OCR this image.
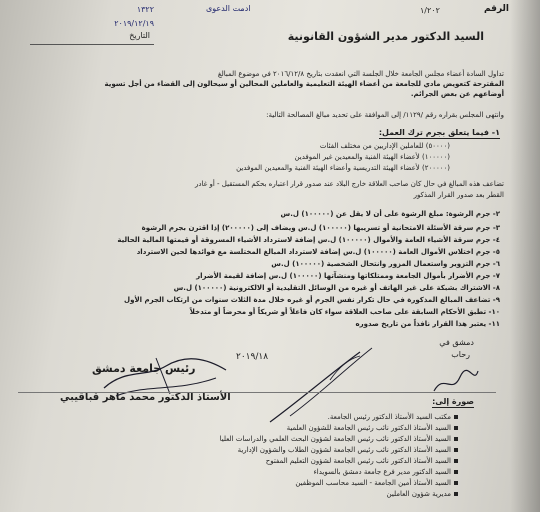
١٣٢٢
٢٠١٩/١٢/١٩
التاريخ
ادمت الدعوى	١/٢٠٢	الرقم
السيد الدكتور مدير الشؤون القانونية
تداول السادة أعضاء مجلس الجامعة خلال الجلسة التي انعقدت بتاريخ ٢٠١٦/١٢/٨ في موضوع المبالغ
المقترحة كتعويض مادي للجامعة من أعضاء الهيئة التعليمية والعاملين المحالين أو سيحالون إلى القضاء من أجل تسوية
أوضاعهم عن بعض الجرائم.
وانتهى المجلس بقراره رقم /١١٢٩/ إلى الموافقة على تحديد مبالغ المصالحة التالية:
١- فيما يتعلق بجرم ترك العمل:
(٥٠٠٠٠) للعاملين الإداريين من مختلف الفئات
(١٠٠٠٠٠) لأعضاء الهيئة الفنية والمعيدين غير الموفدين
(٢٠٠٠٠٠) لأعضاء الهيئة التدريسية وأعضاء الهيئة الفنية والمعيدين الموفدين
تضاعف هذه المبالغ في حال كان صاحب العلاقة خارج البلاد عند صدور قرار اعتباره بحكم المستقيل - أو غادر
القطر بعد صدور القرار المذكور
٢- جرم الرشوة: مبلغ الرشوة على أن لا يقل عن (١٠٠٠٠٠) ل.س
٣- جرم سرقة الأسئلة الامتحانية أو تسريبها (١٠٠٠٠٠) ل.س ويضاف إلى (٢٠٠٠٠٠) إذا اقترن بجرم الرشوة
٤- جرم سرقة الأشياء العامة والأموال (١٠٠٠٠٠) ل.س إضافة لاسترداد الأشياء المسروقة أو قيمتها المالية الحالية
٥- جرم اختلاس الأموال العامة (١٠٠٠٠٠) ل.س إضافة لاسترداد المبالغ المختلسة مع فوائدها لحين الاسترداد
٦- جرم التزوير واستعمال المزور وانتحال الشخصية (١٠٠٠٠٠) ل.س
٧- جرم الأضرار بأموال الجامعة وممتلكاتها ومنشآتها (١٠٠٠٠٠) ل.س إضافة لقيمة الأضرار
٨- الاشتراك بشبكة على غير الهاتف أو غيره من الوسائل التقليدية أو الالكترونية (١٠٠٠٠٠) ل.س
٩- تضاعف المبالغ المذكورة في حال تكرار نفس الجرم أو غيره خلال مدة الثلاث سنوات من ارتكاب الجرم الأول
١٠- تطبق الأحكام السابقة على صاحب العلاقة سواء كان فاعلاً أو شريكاً أو محرضاً أو متدخلاً
١١- يعتبر هذا القرار نافذاً من تاريخ صدوره
دمشق في
رحاب
٢٠١٩/١٨
رئيس جامعة دمشق
الأستاذ الدكتور محمد ماهر قباقيبي	صورة إلى:
مكتب السيد الأستاذ الدكتور رئيس الجامعة.
السيد الأستاذ الدكتور نائب رئيس الجامعة للشؤون العلمية
السيد الأستاذ الدكتور نائب رئيس الجامعة لشؤون البحث العلمي والدراسات العليا
السيد الأستاذ الدكتور نائب رئيس الجامعة لشؤون الطلاب والشؤون الإدارية
السيد الأستاذ الدكتور نائب رئيس الجامعة لشؤون التعليم المفتوح
السيد الدكتور مدير فرع جامعة دمشق بالسويداء
السيد الأستاذ أمين الجامعة - السيد محاسب الموظفين
مديرية شؤون العاملين
